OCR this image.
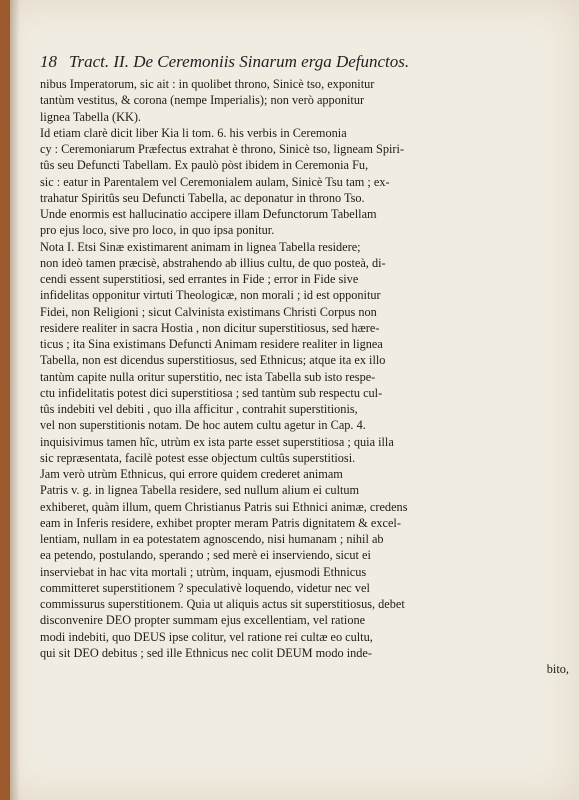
18 Tract. II. De Ceremoniis Sinarum erga Defunctos.
nibus Imperatorum, sic ait : in quolibet throno, Sinicè tso, exponitur
tantùm vestitus, & corona (nempe Imperialis); non verò apponitur
lignea Tabella (KK).
Id etiam clarè dicit liber Kia li tom. 6. his verbis in Ceremonia
cy : Ceremoniarum Præfectus extrahat è throno, Sinicè tso, ligneam Spiri-
tûs seu Defuncti Tabellam. Ex paulò pòst ibidem in Ceremonia Fu,
sic : eatur in Parentalem vel Ceremonialem aulam, Sinicè Tsu tam ; ex-
trahatur Spiritûs seu Defuncti Tabella, ac deponatur in throno Tso.
Unde enormis est hallucinatio accipere illam Defunctorum Tabellam
pro ejus loco, sive pro loco, in quo ipsa ponitur.
Nota I. Etsi Sinæ existimarent animam in lignea Tabella residere;
non ideò tamen præcisè, abstrahendo ab illius cultu, de quo posteà, di-
cendi essent superstitiosi, sed errantes in Fide ; error in Fide sive
infidelitas opponitur virtuti Theologicæ, non morali ; id est opponitur
Fidei, non Religioni ; sicut Calvinista existimans Christi Corpus non
residere realiter in sacra Hostia , non dicitur superstitiosus, sed hære-
ticus ; ita Sina existimans Defuncti Animam residere realiter in lignea
Tabella, non est dicendus superstitiosus, sed Ethnicus; atque ita ex illo
tantùm capite nulla oritur superstitio, nec ista Tabella sub isto respe-
ctu infidelitatis potest dici superstitiosa ; sed tantùm sub respectu cul-
tûs indebiti vel debiti , quo illa afficitur , contrahit superstitionis,
vel non superstitionis notam. De hoc autem cultu agetur in Cap. 4.
inquisivimus tamen hîc, utrùm ex ista parte esset superstitiosa ; quia illa
sic repræsentata, facilè potest esse objectum cultûs superstitiosi.
Jam verò utrùm Ethnicus, qui errore quidem crederet animam
Patris v. g. in lignea Tabella residere, sed nullum alium ei cultum
exhiberet, quàm illum, quem Christianus Patris sui Ethnici animæ, credens
eam in Inferis residere, exhibet propter meram Patris dignitatem & excel-
lentiam, nullam in ea potestatem agnoscendo, nisi humanam ; nihil ab
ea petendo, postulando, sperando ; sed merè ei inserviendo, sicut ei
inserviebat in hac vita mortali ; utrùm, inquam, ejusmodi Ethnicus
committeret superstitionem ? speculativè loquendo, videtur nec vel
commissurus superstitionem. Quia ut aliquis actus sit superstitiosus, debet
disconvenire DEO propter summam ejus excellentiam, vel ratione
modi indebiti, quo DEUS ipse colitur, vel ratione rei cultæ eo cultu,
qui sit DEO debitus ; sed ille Ethnicus nec colit DEUM modo inde-
bito,
